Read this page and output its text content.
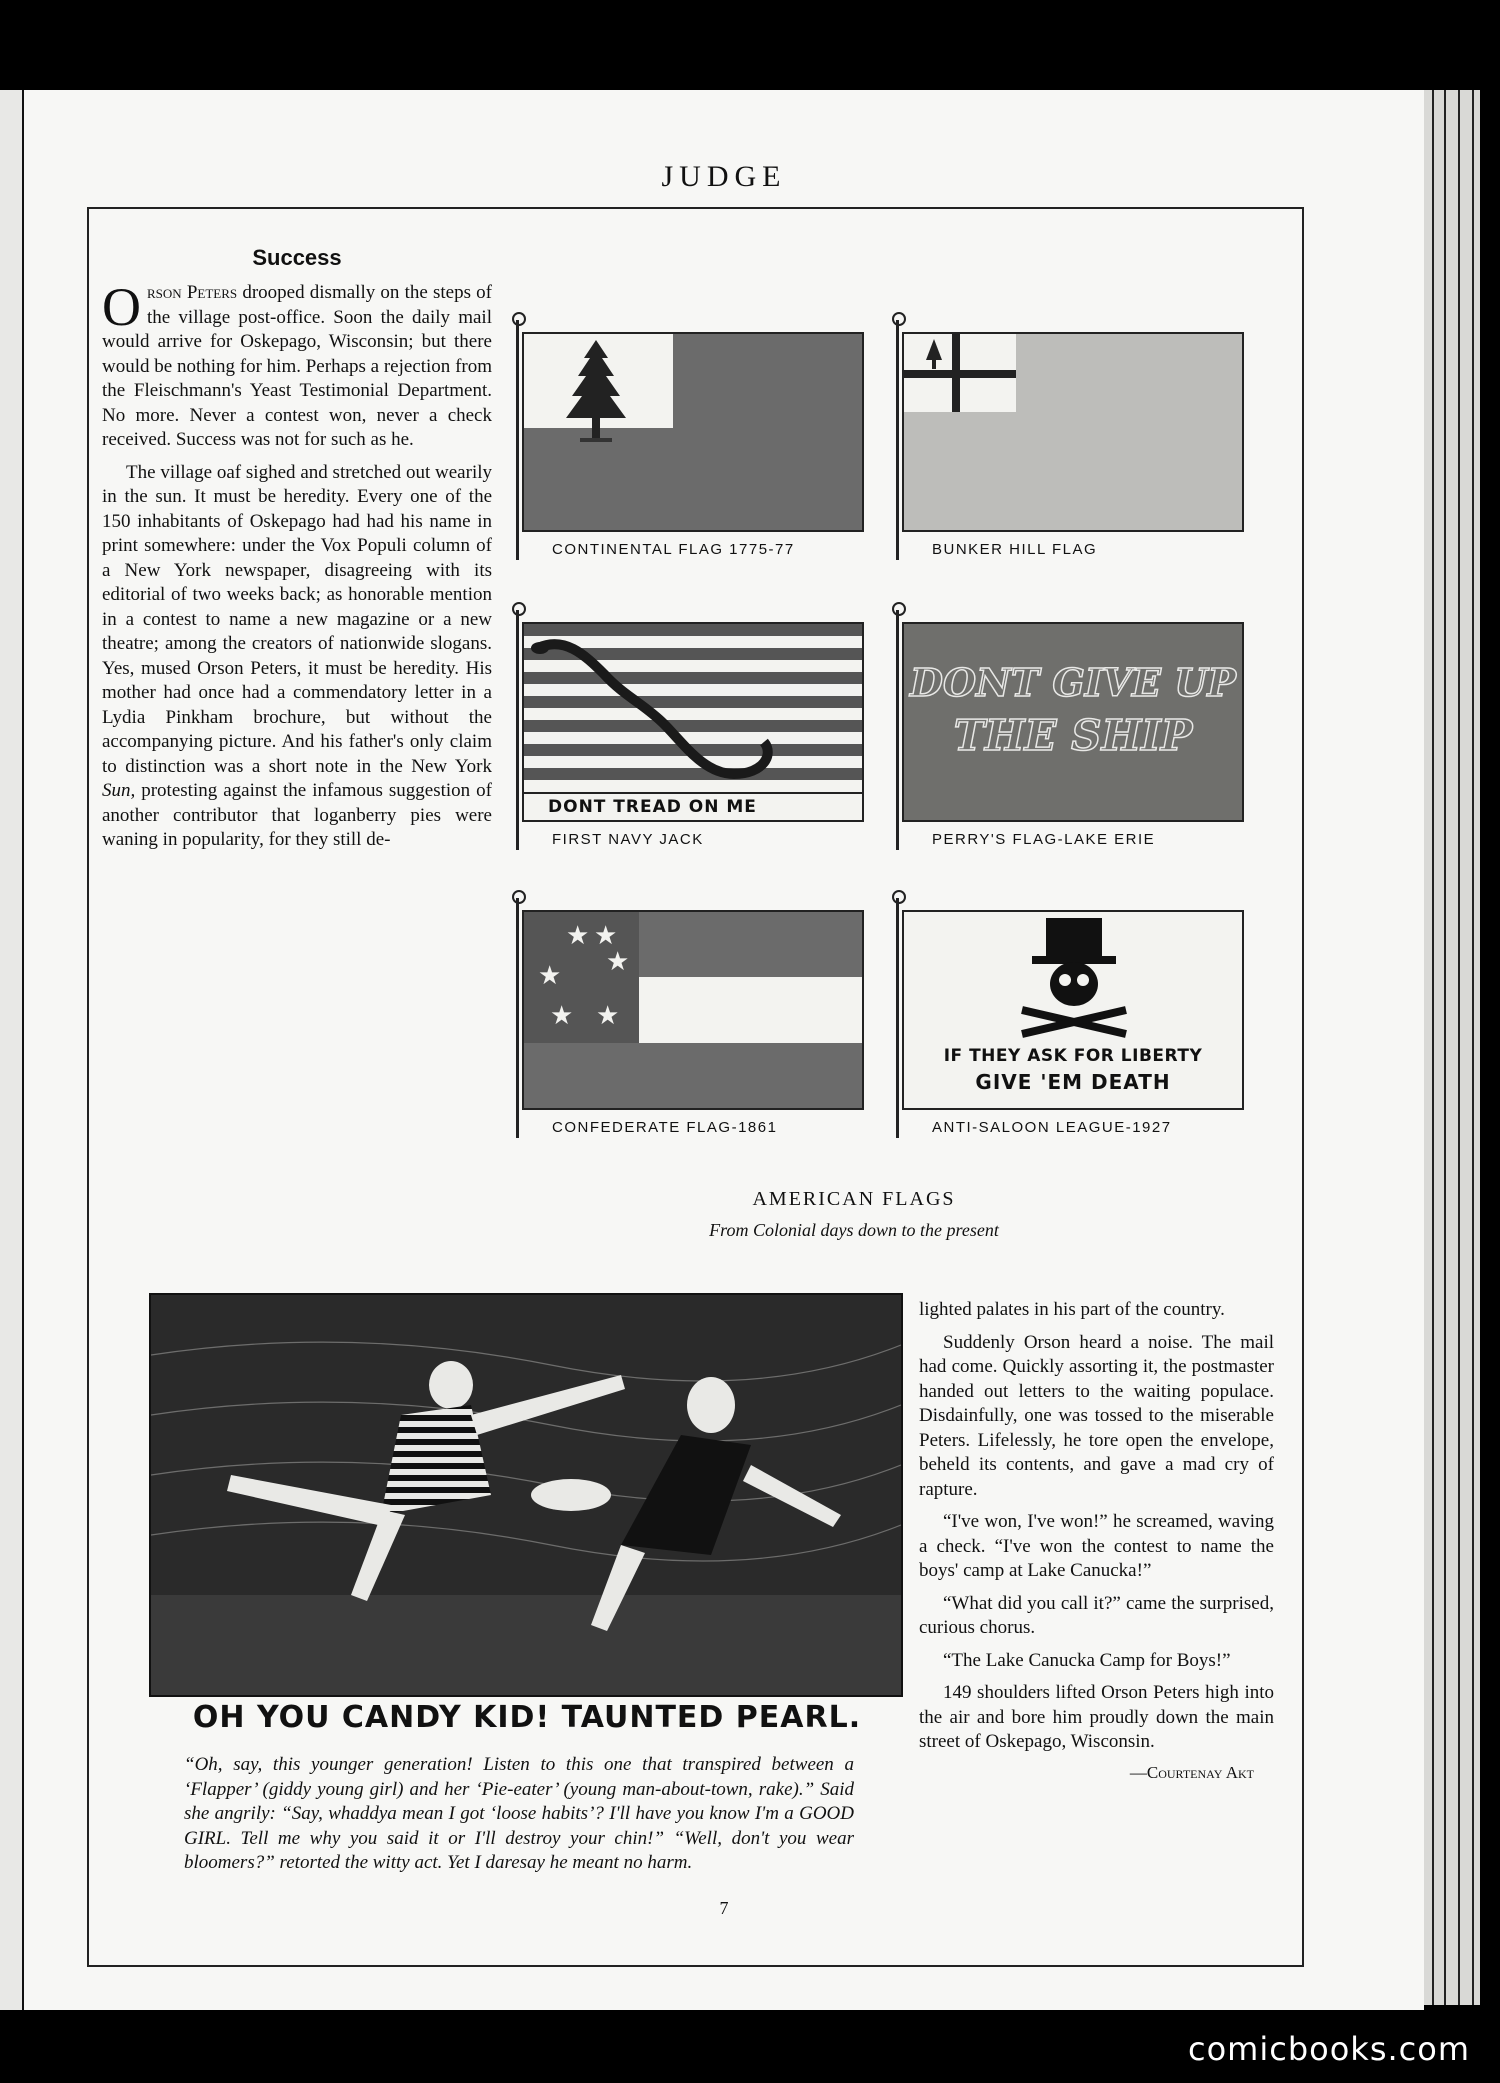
JUDGE
Success

Orson Peters drooped dismally on the steps of the village post-office. Soon the daily mail would arrive for Oskepago, Wisconsin; but there would be nothing for him. Perhaps a rejection from the Fleischmann's Yeast Testimonial Department. No more. Never a contest won, never a check received. Success was not for such as he.

The village oaf sighed and stretched out wearily in the sun. It must be heredity. Every one of the 150 inhabitants of Oskepago had had his name in print somewhere: under the Vox Populi column of a New York newspaper, disagreeing with its editorial of two weeks back; as honorable mention in a contest to name a new magazine or a new theatre; among the creators of nationwide slogans. Yes, mused Orson Peters, it must be heredity. His mother had once had a commendatory letter in a Lydia Pinkham brochure, but without the accompanying picture. And his father's only claim to distinction was a short note in the New York Sun, protesting against the infamous suggestion of another contributor that loganberry pies were waning in popularity, for they still de-

CONTINENTAL FLAG 1775-77	BUNKER HILL FLAG
DONT TREAD ON ME
FIRST NAVY JACK
DONT GIVE UP
THE SHIP
PERRY'S FLAG-LAKE ERIE
★ ★
★ ★
★ ★
CONFEDERATE FLAG-1861
IF THEY ASK FOR LIBERTY
GIVE 'EM DEATH
ANTI-SALOON LEAGUE-1927
AMERICAN FLAGS
From Colonial days down to the present
OH YOU CANDY KID! TAUNTED PEARL.
“Oh, say, this younger generation! Listen to this one that transpired between a ‘Flapper’ (giddy young girl) and her ‘Pie-eater’ (young man-about-town, rake).” Said she angrily: “Say, whaddya mean I got ‘loose habits’? I'll have you know I'm a GOOD GIRL. Tell me why you said it or I'll destroy your chin!” “Well, don't you wear bloomers?” retorted the witty act. Yet I daresay he meant no harm.

lighted palates in his part of the country.

Suddenly Orson heard a noise. The mail had come. Quickly assorting it, the postmaster handed out letters to the waiting populace. Disdainfully, one was tossed to the miserable Peters. Lifelessly, he tore open the envelope, beheld its contents, and gave a mad cry of rapture.

“I've won, I've won!” he screamed, waving a check. “I've won the contest to name the boys' camp at Lake Canucka!”

“What did you call it?” came the surprised, curious chorus.

“The Lake Canucka Camp for Boys!”

149 shoulders lifted Orson Peters high into the air and bore him proudly down the main street of Oskepago, Wisconsin.

—Courtenay Akt
7
comicbooks.com
